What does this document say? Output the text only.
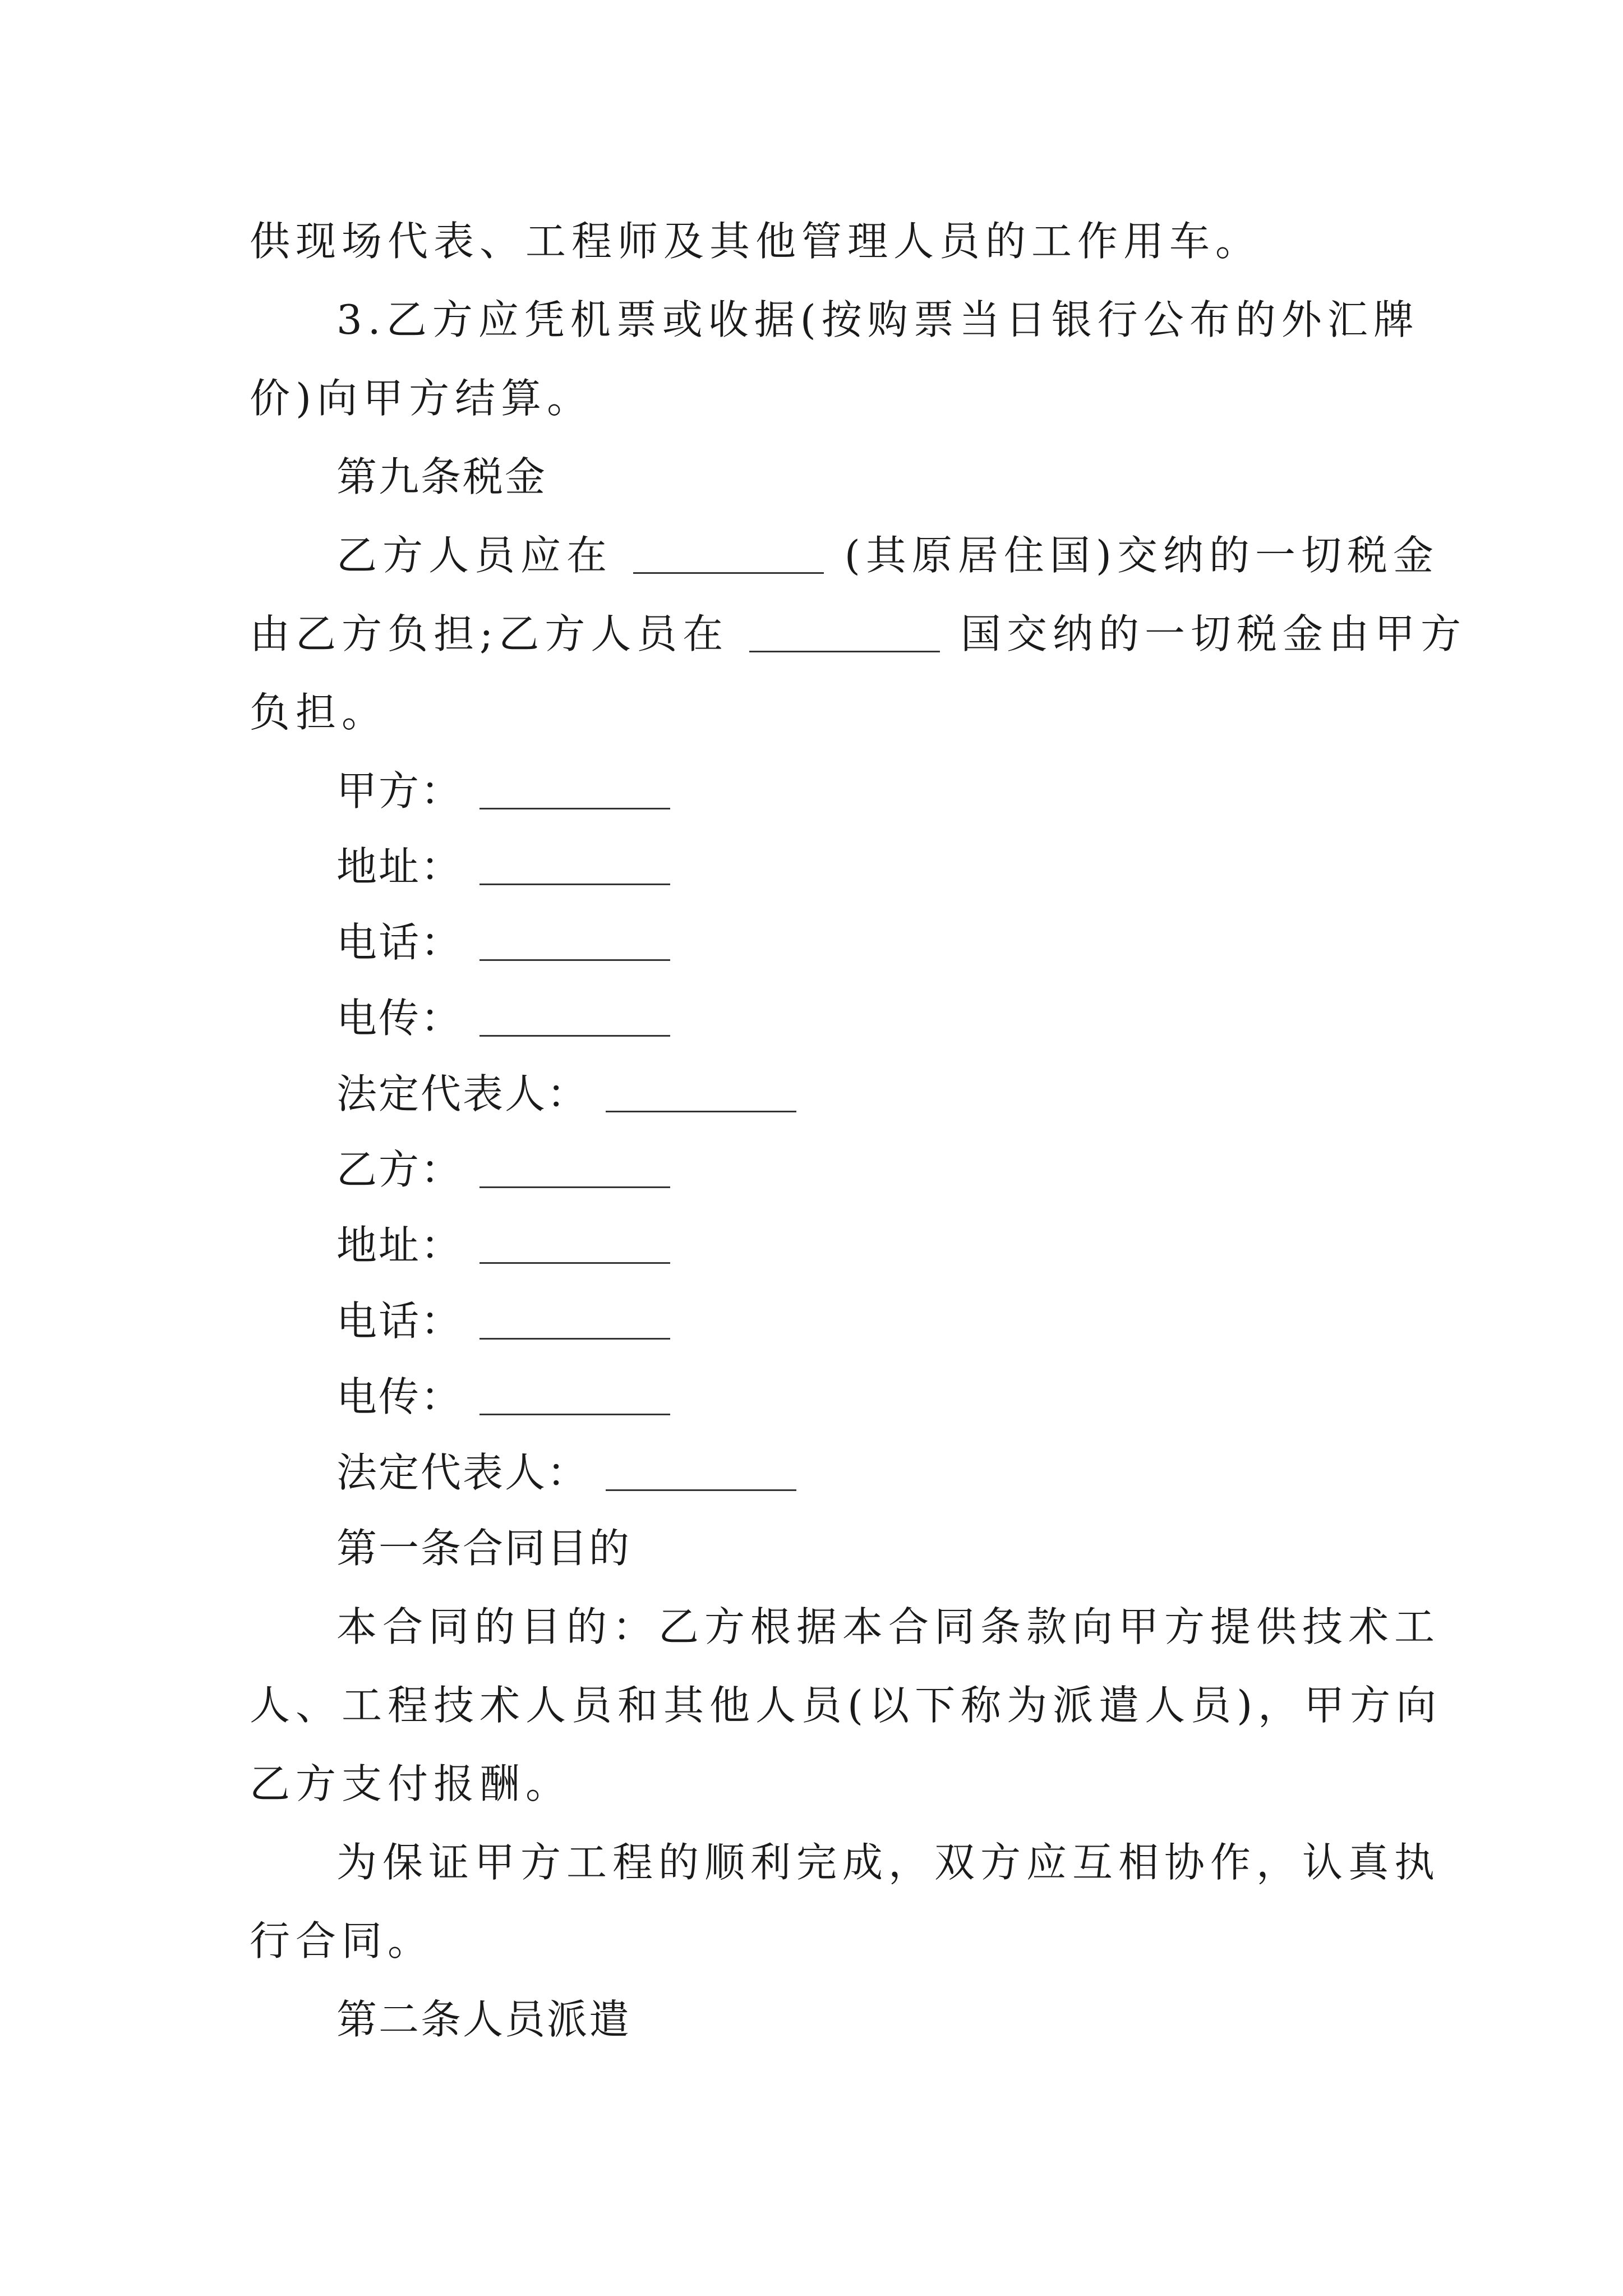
供现场代表、工程师及其他管理人员的工作用车。
3.乙方应凭机票或收据(按购票当日银行公布的外汇牌
价)向甲方结算。
第九条税金
乙方人员应在	(其原居住国)交纳的一切税金
由乙方负担;乙方人员在	国交纳的一切税金由甲方
负担。
甲方：
地址：
电话：
电传：
法定代表人：
乙方：
地址：
电话：
电传：
法定代表人：
第一条合同目的
本合同的目的：乙方根据本合同条款向甲方提供技术工
人、工程技术人员和其他人员(以下称为派遣人员)，甲方向
乙方支付报酬。
为保证甲方工程的顺利完成，双方应互相协作，认真执
行合同。
第二条人员派遣
